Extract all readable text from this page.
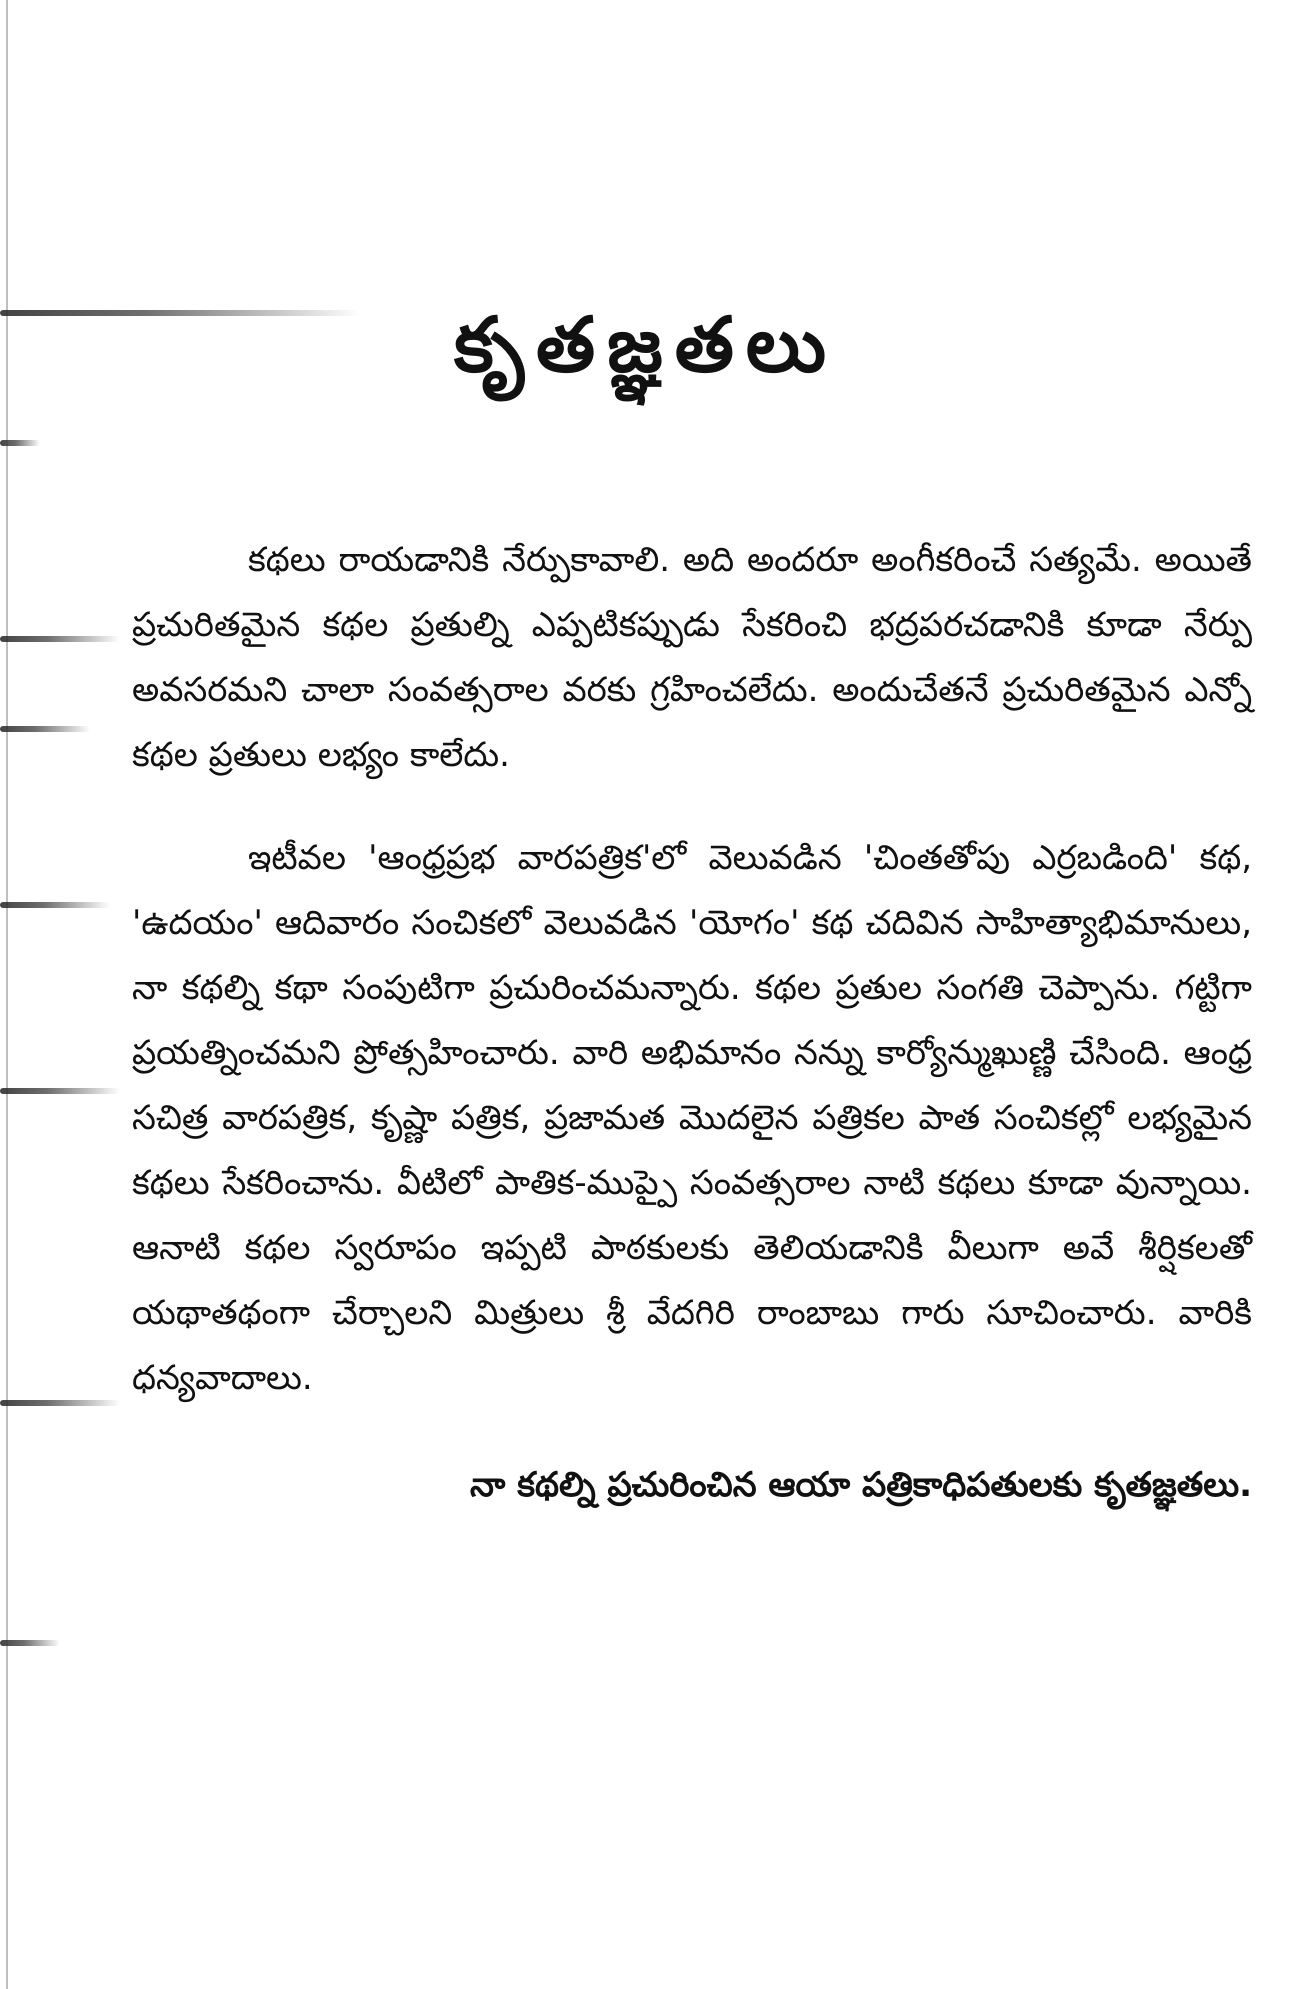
కృతజ్ఞతలు

కథలు రాయడానికి నేర్పుకావాలి. అది అందరూ అంగీకరించే సత్యమే. అయితే ప్రచురితమైన కథల ప్రతుల్ని ఎప్పటికప్పుడు సేకరించి భద్రపరచడానికి కూడా నేర్పు అవసరమని చాలా సంవత్సరాల వరకు గ్రహించలేదు. అందుచేతనే ప్రచురితమైన ఎన్నో కథల ప్రతులు లభ్యం కాలేదు.

ఇటీవల 'ఆంధ్రప్రభ వారపత్రిక'లో వెలువడిన 'చింతతోపు ఎర్రబడింది' కథ, 'ఉదయం' ఆదివారం సంచికలో వెలువడిన 'యోగం' కథ చదివిన సాహిత్యాభిమానులు, నా కథల్ని కథా సంపుటిగా ప్రచురించమన్నారు. కథల ప్రతుల సంగతి చెప్పాను. గట్టిగా ప్రయత్నించమని ప్రోత్సహించారు. వారి అభిమానం నన్ను కార్యోన్ముఖుణ్ణి చేసింది. ఆంధ్ర సచిత్ర వారపత్రిక, కృష్ణా పత్రిక, ప్రజామత మొదలైన పత్రికల పాత సంచికల్లో లభ్యమైన కథలు సేకరించాను. వీటిలో పాతిక-ముప్పై సంవత్సరాల నాటి కథలు కూడా వున్నాయి. ఆనాటి కథల స్వరూపం ఇప్పటి పాఠకులకు తెలియడానికి వీలుగా అవే శీర్షికలతో యథాతథంగా చేర్చాలని మిత్రులు శ్రీ వేదగిరి రాంబాబు గారు సూచించారు. వారికి ధన్యవాదాలు.

నా కథల్ని ప్రచురించిన ఆయా పత్రికాధిపతులకు కృతజ్ఞతలు.
